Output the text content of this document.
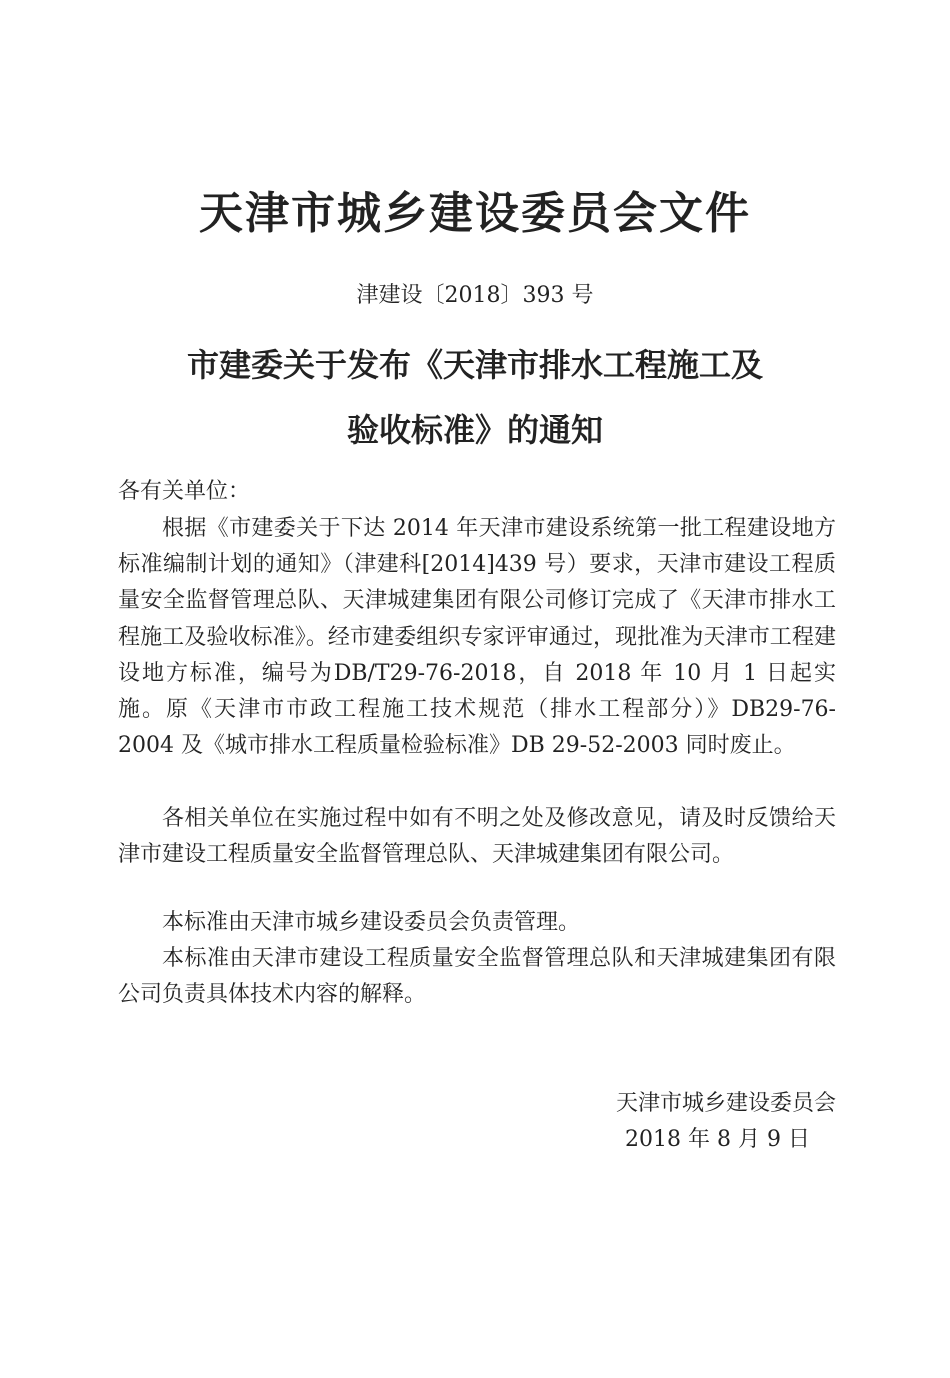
天津市城乡建设委员会文件
津建设〔2018〕393 号
市建委关于发布《天津市排水工程施工及
验收标准》的通知
各有关单位：

根据《市建委关于下达 2014 年天津市建设系统第一批工程建设地方标准编制计划的通知》（津建科[2014]439 号）要求，天津市建设工程质量安全监督管理总队、天津城建集团有限公司修订完成了《天津市排水工程施工及验收标准》。经市建委组织专家评审通过，现批准为天津市工程建设地方标准，编号为DB/T29-76-2018，自 2018 年 10 月 1 日起实施。原《天津市市政工程施工技术规范（排水工程部分）》DB29-76-2004 及《城市排水工程质量检验标准》DB 29-52-2003 同时废止。

各相关单位在实施过程中如有不明之处及修改意见，请及时反馈给天津市建设工程质量安全监督管理总队、天津城建集团有限公司。

本标准由天津市城乡建设委员会负责管理。

本标准由天津市建设工程质量安全监督管理总队和天津城建集团有限公司负责具体技术内容的解释。

天津市城乡建设委员会
2018 年 8 月 9 日
